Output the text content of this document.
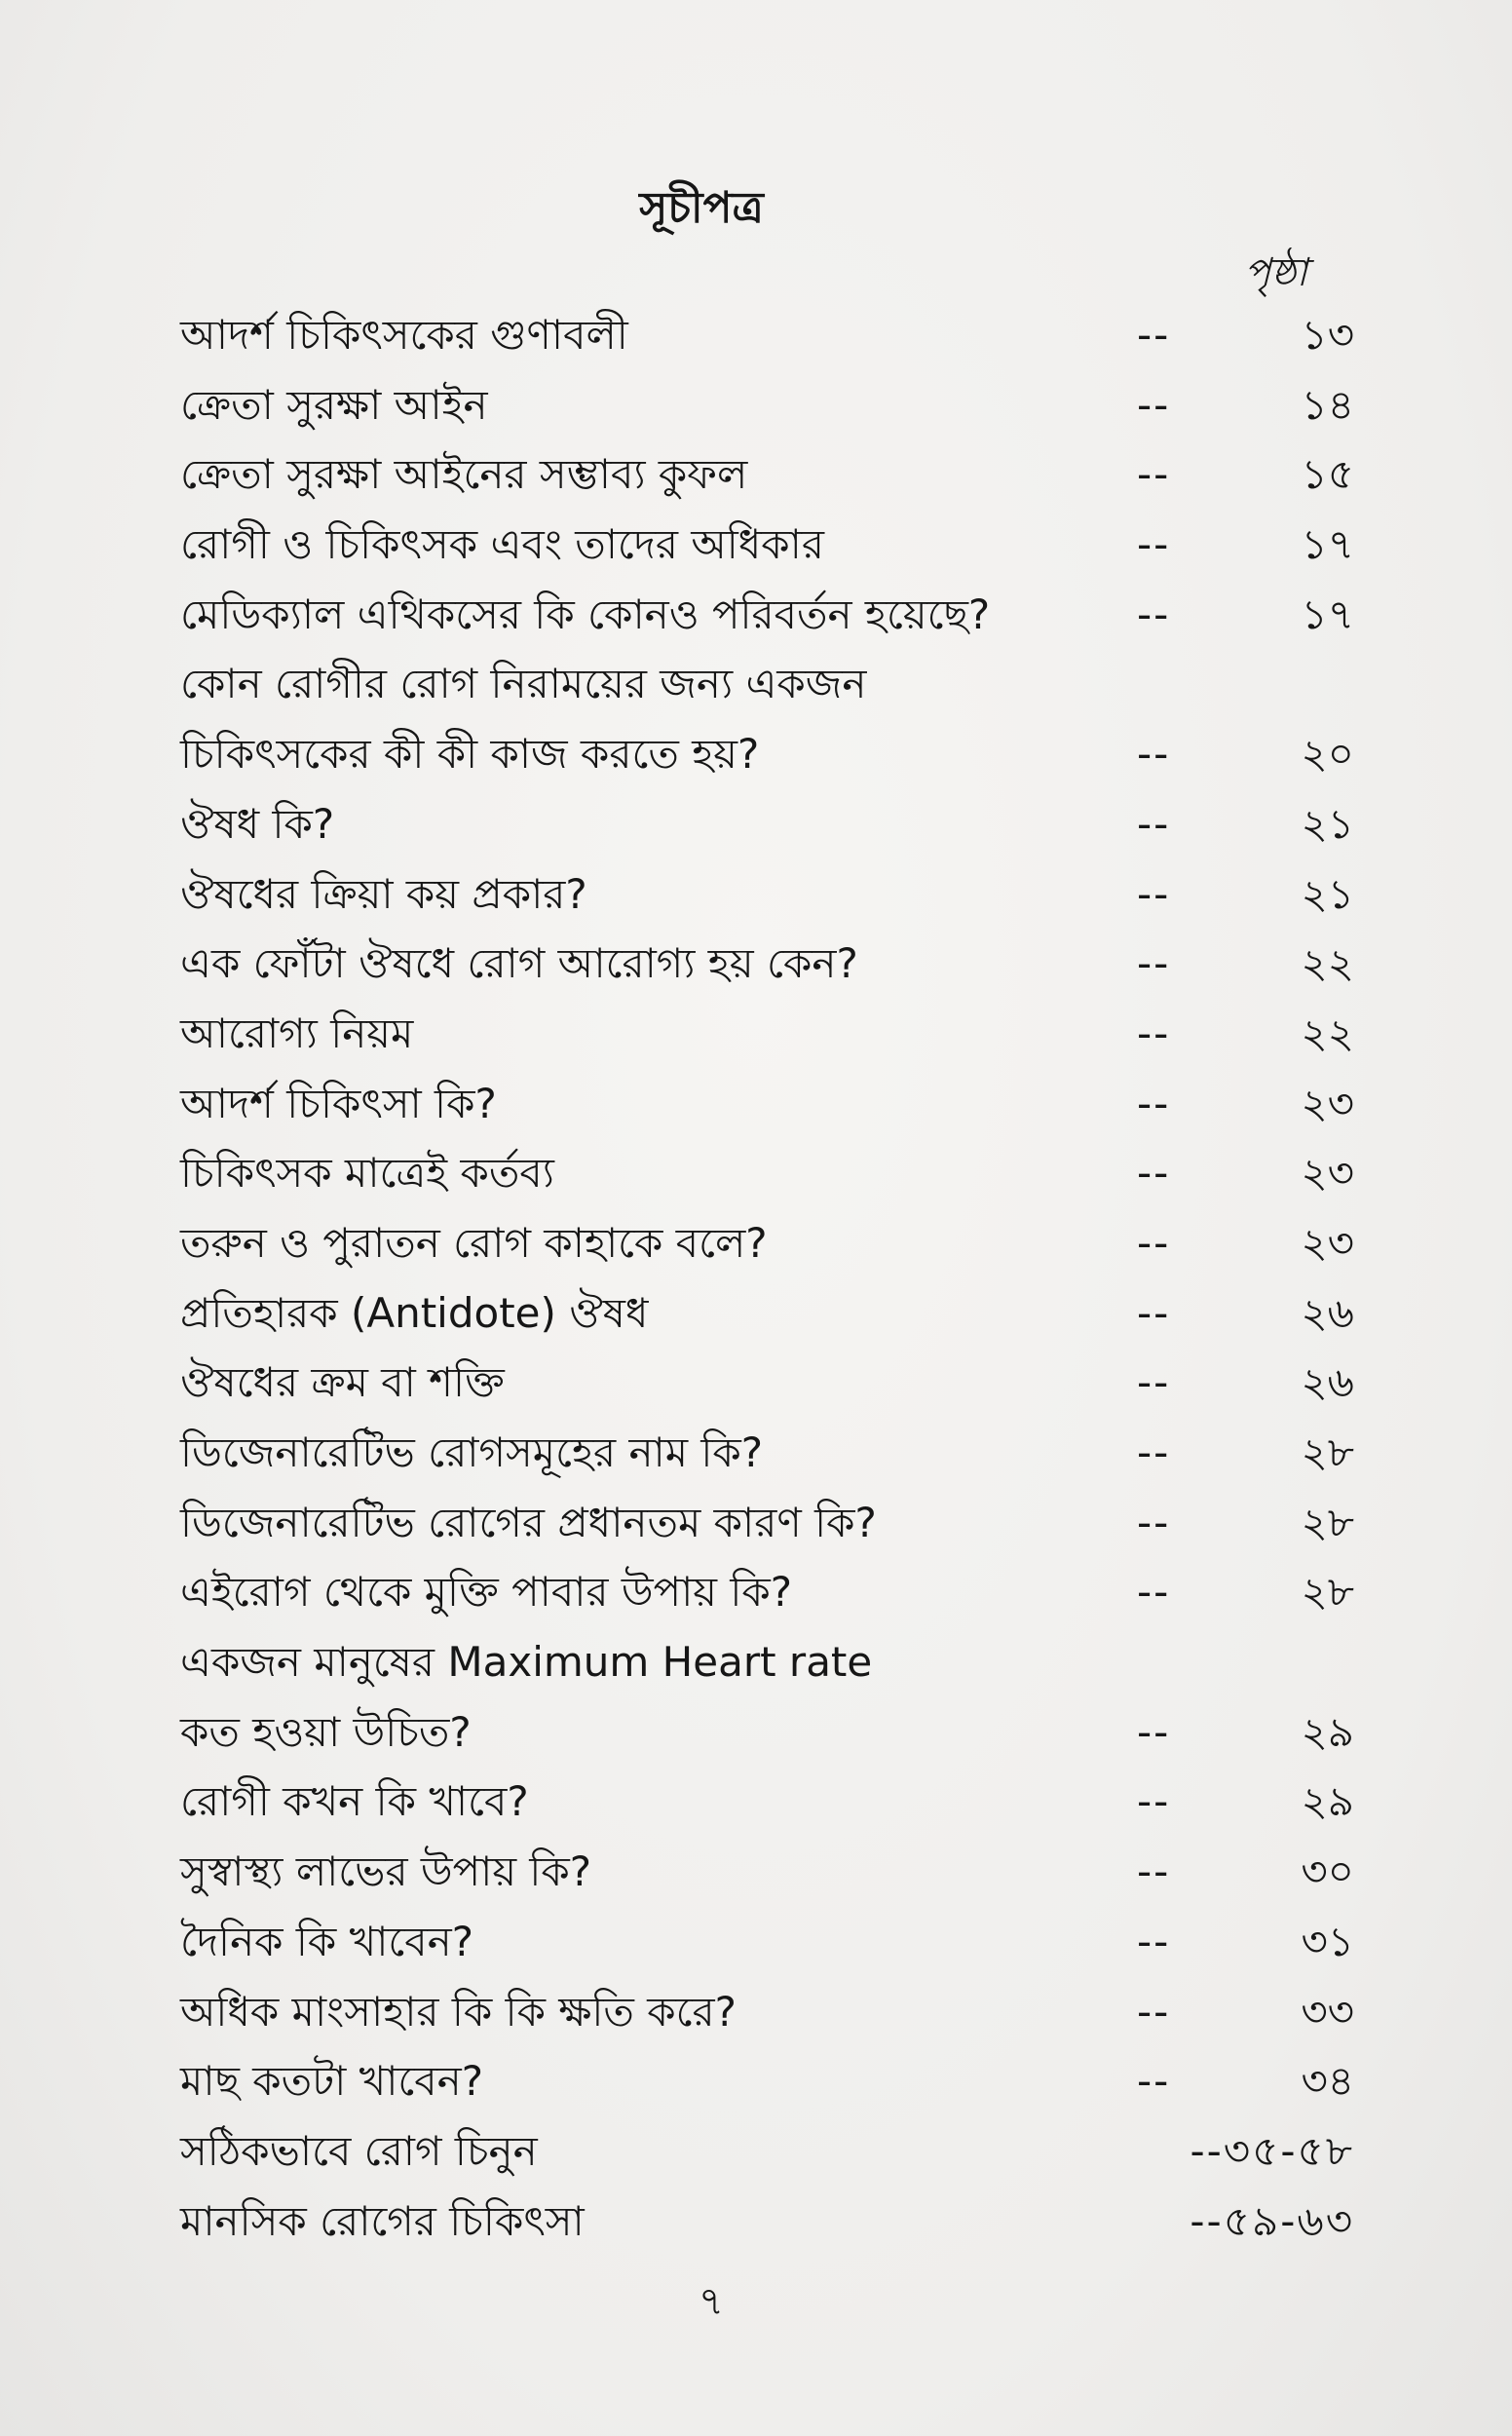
সূচীপত্র
পৃষ্ঠা
আদর্শ চিকিৎসকের গুণাবলী	--	১৩
ক্রেতা সুরক্ষা আইন	--	১৪
ক্রেতা সুরক্ষা আইনের সম্ভাব্য কুফল	--	১৫
রোগী ও চিকিৎসক এবং তাদের অধিকার	--	১৭
মেডিক্যাল এথিকসের কি কোনও পরিবর্তন হয়েছে?	--	১৭
কোন রোগীর রোগ নিরাময়ের জন্য একজন
চিকিৎসকের কী কী কাজ করতে হয়?	--	২০
ঔষধ কি?	--	২১
ঔষধের ক্রিয়া কয় প্রকার?	--	২১
এক ফোঁটা ঔষধে রোগ আরোগ্য হয় কেন?	--	২২
আরোগ্য নিয়ম	--	২২
আদর্শ চিকিৎসা কি?	--	২৩
চিকিৎসক মাত্রেই কর্তব্য	--	২৩
তরুন ও পুরাতন রোগ কাহাকে বলে?	--	২৩
প্রতিহারক (Antidote) ঔষধ	--	২৬
ঔষধের ক্রম বা শক্তি	--	২৬
ডিজেনারেটিভ রোগসমূহের নাম কি?	--	২৮
ডিজেনারেটিভ রোগের প্রধানতম কারণ কি?	--	২৮
এইরোগ থেকে মুক্তি পাবার উপায় কি?	--	২৮
একজন মানুষের Maximum Heart rate
কত হওয়া উচিত?	--	২৯
রোগী কখন কি খাবে?	--	২৯
সুস্বাস্থ্য লাভের উপায় কি?	--	৩০
দৈনিক কি খাবেন?	--	৩১
অধিক মাংসাহার কি কি ক্ষতি করে?	--	৩৩
মাছ কতটা খাবেন?	--	৩৪
সঠিকভাবে রোগ চিনুন	--৩৫-৫৮
মানসিক রোগের চিকিৎসা	--৫৯-৬৩
৭
